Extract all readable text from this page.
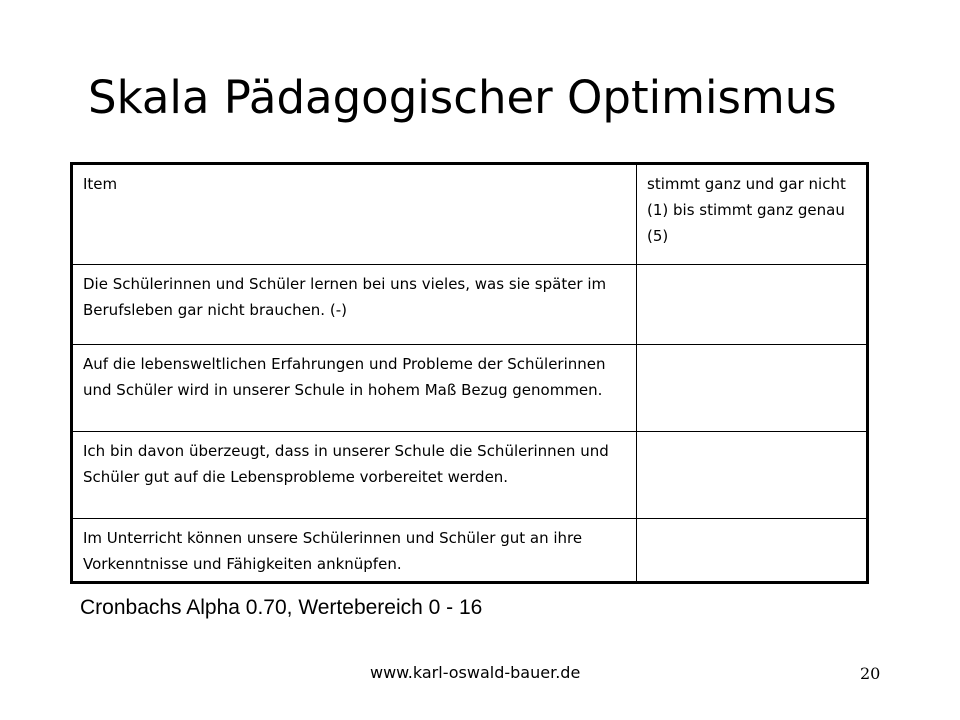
Skala Pädagogischer Optimismus
Item	stimmt ganz und gar nicht (1) bis stimmt ganz genau (5)
Die Schülerinnen und Schüler lernen bei uns vieles, was sie später im Berufsleben gar nicht brauchen. (-)	
Auf die lebensweltlichen Erfahrungen und Probleme der Schülerinnen und Schüler wird in unserer Schule in hohem Maß Bezug genommen.	
Ich bin davon überzeugt, dass in unserer Schule die Schülerinnen und Schüler gut auf die Lebensprobleme vorbereitet werden.	
Im Unterricht können unsere Schülerinnen und Schüler gut an ihre Vorkenntnisse und Fähigkeiten anknüpfen.	
Cronbachs Alpha 0.70, Wertebereich 0 - 16
www.karl-oswald-bauer.de	20
